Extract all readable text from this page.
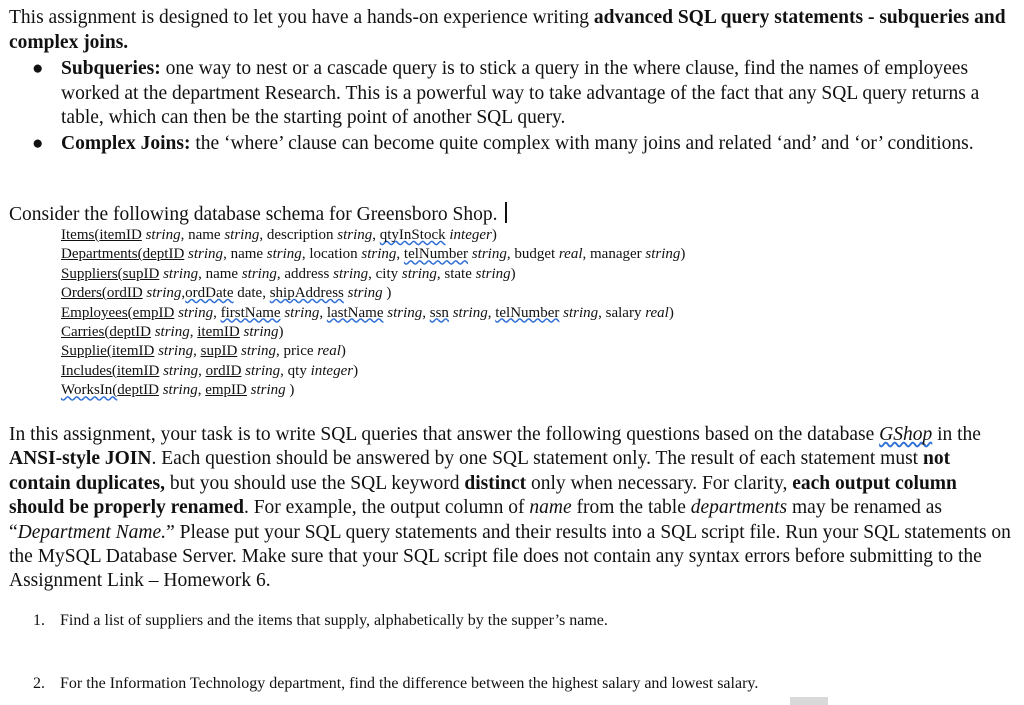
This assignment is designed to let you have a hands-on experience writing advanced SQL query statements - subqueries and complex joins.

● Subqueries: one way to nest or a cascade query is to stick a query in the where clause, find the names of employees worked at the department Research. This is a powerful way to take advantage of the fact that any SQL query returns a table, which can then be the starting point of another SQL query.
● Complex Joins: the ‘where’ clause can become quite complex with many joins and related ‘and’ and ‘or’ conditions.
Consider the following database schema for Greensboro Shop.
Items(itemID string, name string, description string, qtyInStock integer)
Departments(deptID string, name string, location string, telNumber string, budget real, manager string)
Suppliers(supID string, name string, address string, city string, state string)
Orders(ordID string,ordDate date, shipAddress string )
Employees(empID string, firstName string, lastName string, ssn string, telNumber string, salary real)
Carries(deptID string, itemID string)
Supplie(itemID string, supID string, price real)
Includes(itemID string, ordID string, qty integer)
WorksIn(deptID string, empID string )
In this assignment, your task is to write SQL queries that answer the following questions based on the database GShop in the ANSI-style JOIN. Each question should be answered by one SQL statement only. The result of each statement must not contain duplicates, but you should use the SQL keyword distinct only when necessary. For clarity, each output column should be properly renamed. For example, the output column of name from the table departments may be renamed as “Department Name.” Please put your SQL query statements and their results into a SQL script file. Run your SQL statements on the MySQL Database Server. Make sure that your SQL script file does not contain any syntax errors before submitting to the Assignment Link – Homework 6.
1. Find a list of suppliers and the items that supply, alphabetically by the supper’s name.
2. For the Information Technology department, find the difference between the highest salary and lowest salary.
